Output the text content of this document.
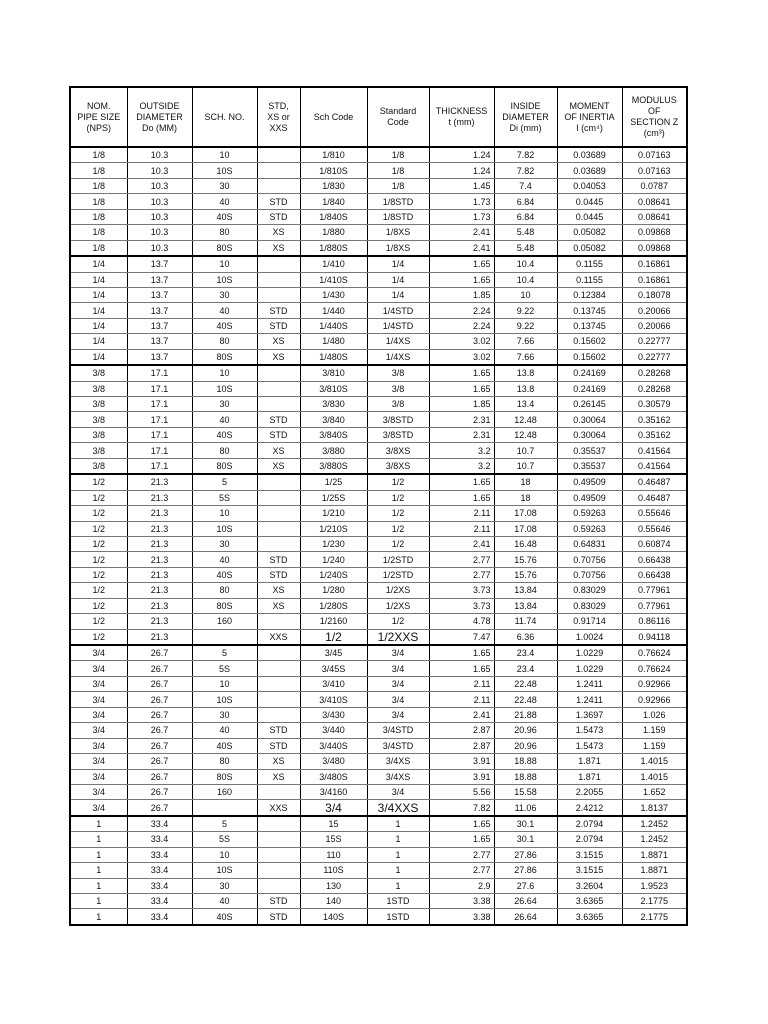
NOM.
PIPE SIZE
(NPS)	OUTSIDE
DIAMETER
Do (MM)	SCH. NO.	STD,
XS or
XXS	Sch Code	Standard
Code	THICKNESS
t (mm)	INSIDE
DIAMETER
Di (mm)	MOMENT
OF INERTIA
I (cm⁴)	MODULUS
OF
SECTION Z
(cm³)
1/8	10.3	10		1/810	1/8	1.24	7.82	0.03689	0.07163
1/8	10.3	10S		1/810S	1/8	1.24	7.82	0.03689	0.07163
1/8	10.3	30		1/830	1/8	1.45	7.4	0.04053	0.0787
1/8	10.3	40	STD	1/840	1/8STD	1.73	6.84	0.0445	0.08641
1/8	10.3	40S	STD	1/840S	1/8STD	1.73	6.84	0.0445	0.08641
1/8	10.3	80	XS	1/880	1/8XS	2.41	5.48	0.05082	0.09868
1/8	10.3	80S	XS	1/880S	1/8XS	2.41	5.48	0.05082	0.09868
1/4	13.7	10		1/410	1/4	1.65	10.4	0.1155	0.16861
1/4	13.7	10S		1/410S	1/4	1.65	10.4	0.1155	0.16861
1/4	13.7	30		1/430	1/4	1.85	10	0.12384	0.18078
1/4	13.7	40	STD	1/440	1/4STD	2.24	9.22	0.13745	0.20066
1/4	13.7	40S	STD	1/440S	1/4STD	2.24	9.22	0.13745	0.20066
1/4	13.7	80	XS	1/480	1/4XS	3.02	7.66	0.15602	0.22777
1/4	13.7	80S	XS	1/480S	1/4XS	3.02	7.66	0.15602	0.22777
3/8	17.1	10		3/810	3/8	1.65	13.8	0.24169	0.28268
3/8	17.1	10S		3/810S	3/8	1.65	13.8	0.24169	0.28268
3/8	17.1	30		3/830	3/8	1.85	13.4	0.26145	0.30579
3/8	17.1	40	STD	3/840	3/8STD	2.31	12.48	0.30064	0.35162
3/8	17.1	40S	STD	3/840S	3/8STD	2.31	12.48	0.30064	0.35162
3/8	17.1	80	XS	3/880	3/8XS	3.2	10.7	0.35537	0.41564
3/8	17.1	80S	XS	3/880S	3/8XS	3.2	10.7	0.35537	0.41564
1/2	21.3	5		1/25	1/2	1.65	18	0.49509	0.46487
1/2	21.3	5S		1/25S	1/2	1.65	18	0.49509	0.46487
1/2	21.3	10		1/210	1/2	2.11	17.08	0.59263	0.55646
1/2	21.3	10S		1/210S	1/2	2.11	17.08	0.59263	0.55646
1/2	21.3	30		1/230	1/2	2.41	16.48	0.64831	0.60874
1/2	21.3	40	STD	1/240	1/2STD	2.77	15.76	0.70756	0.66438
1/2	21.3	40S	STD	1/240S	1/2STD	2.77	15.76	0.70756	0.66438
1/2	21.3	80	XS	1/280	1/2XS	3.73	13.84	0.83029	0.77961
1/2	21.3	80S	XS	1/280S	1/2XS	3.73	13.84	0.83029	0.77961
1/2	21.3	160		1/2160	1/2	4.78	11.74	0.91714	0.86116
1/2	21.3		XXS	1/2	1/2XXS	7.47	6.36	1.0024	0.94118
3/4	26.7	5		3/45	3/4	1.65	23.4	1.0229	0.76624
3/4	26.7	5S		3/45S	3/4	1.65	23.4	1.0229	0.76624
3/4	26.7	10		3/410	3/4	2.11	22.48	1.2411	0.92966
3/4	26.7	10S		3/410S	3/4	2.11	22.48	1.2411	0.92966
3/4	26.7	30		3/430	3/4	2.41	21.88	1.3697	1.026
3/4	26.7	40	STD	3/440	3/4STD	2.87	20.96	1.5473	1.159
3/4	26.7	40S	STD	3/440S	3/4STD	2.87	20.96	1.5473	1.159
3/4	26.7	80	XS	3/480	3/4XS	3.91	18.88	1.871	1.4015
3/4	26.7	80S	XS	3/480S	3/4XS	3.91	18.88	1.871	1.4015
3/4	26.7	160		3/4160	3/4	5.56	15.58	2.2055	1.652
3/4	26.7		XXS	3/4	3/4XXS	7.82	11.06	2.4212	1.8137
1	33.4	5		15	1	1.65	30.1	2.0794	1.2452
1	33.4	5S		15S	1	1.65	30.1	2.0794	1.2452
1	33.4	10		110	1	2.77	27.86	3.1515	1.8871
1	33.4	10S		110S	1	2.77	27.86	3.1515	1.8871
1	33.4	30		130	1	2.9	27.6	3.2604	1.9523
1	33.4	40	STD	140	1STD	3.38	26.64	3.6365	2.1775
1	33.4	40S	STD	140S	1STD	3.38	26.64	3.6365	2.1775
